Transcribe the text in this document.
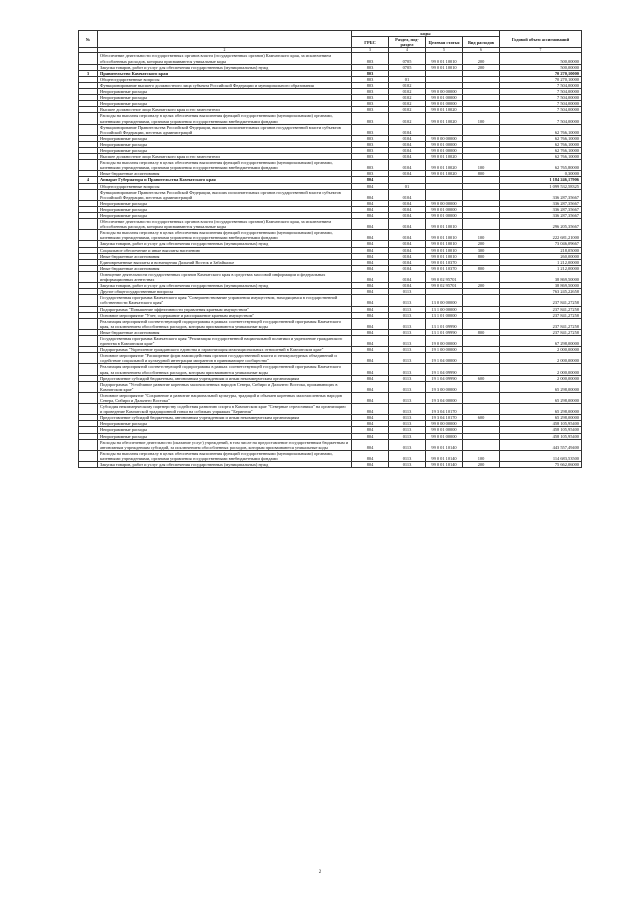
№		коды				Годовой объем ассигнований
		ГРБС	Раздел, под-раздел	Целевая статья	Вид расходов	
	2	3	4	5	6	7
	Обеспечение деятельности государственных органов власти (государственных органов) Камчатского края, за исключением обособленных расходов, которым присваиваются уникальные коды	803	0705	99 0 01 10010	200	500,00000
	Закупка товаров, работ и услуг для обеспечения государственных (муниципальных) нужд	803	0705	99 0 01 10010	200	500,00000
3	Правительство Камчатского края	803				70 270,10000
	Общегосударственные вопросы	803	01			70 270,10000
	Функционирование высшего должностного лица субъекта Российской Федерации и муниципального образования	803	0102			7 504,00000
	Непрограммные расходы	803	0102	99 0 00 00000		7 504,00000
	Непрограммные расходы	803	0102	99 0 01 00000		7 504,00000
	Непрограммные расходы	803	0102	99 0 01 00000		7 504,00000
	Высшее должностное лицо Камчатского края и его заместители	803	0102	99 0 01 10020		7 504,00000
	Расходы на выплаты персоналу в целях обеспечения выполнения функций государственными (муниципальными) органами, казенными учреждениями, органами управления государственными внебюджетными фондами	803	0102	99 0 01 10020	100	7 504,00000
	Функционирование Правительства Российской Федерации, высших исполнительных органов государственной власти субъектов Российской Федерации, местных администраций	803	0104			62 766,10000
	Непрограммные расходы	803	0104	99 0 00 00000		62 766,10000
	Непрограммные расходы	803	0104	99 0 01 00000		62 766,10000
	Непрограммные расходы	803	0104	99 0 01 00000		62 766,10000
	Высшее должностное лицо Камчатского края и его заместители	803	0104	99 0 01 10020		62 766,10000
	Расходы на выплаты персоналу в целях обеспечения выполнения функций государственными (муниципальными) органами, казенными учреждениями, органами управления государственными внебюджетными фондами	803	0104	99 0 01 10020	100	62 765,80000
	Иные бюджетные ассигнования	803	0104	99 0 01 10020	800	0,30000
4	Аппарат Губернатора и Правительства Камчатского края	804				1 184 246,17906
	Общегосударственные вопросы	804	01			1 099 532,58325
	Функционирование Правительства Российской Федерации, высших исполнительных органов государственной власти субъектов Российской Федерации, местных администраций	804	0104			336 287,35667
	Непрограммные расходы	804	0104	99 0 00 00000		336 287,35667
	Непрограммные расходы	804	0104	99 0 01 00000		336 287,35667
	Непрограммные расходы	804	0104	99 0 01 00000		336 287,35667
	Обеспечение деятельности государственных органов власти (государственных органов) Камчатского края, за исключением обособленных расходов, которым присваиваются уникальные коды	804	0104	99 0 01 10010		296 205,35667
	Расходы на выплаты персоналу в целях обеспечения выполнения функций государственными (муниципальными) органами, казенными учреждениями, органами управления государственными внебюджетными фондами	804	0104	99 0 01 10010	100	222 681,21000
	Закупка товаров, работ и услуг для обеспечения государственных (муниципальных) нужд	804	0104	99 0 01 10010	200	73 046,09667
	Социальное обеспечение и иные выплаты населению	804	0104	99 0 01 10010	300	218,05000
	Иные бюджетные ассигнования	804	0104	99 0 01 10010	800	260,00000
	Единовременные выплаты и возмещения Дальний Восток и Забайкалье	804	0104	99 0 01 10370		1 212,00000
	Иные бюджетные ассигнования	804	0104	99 0 01 10370	800	1 212,00000
	Освещение деятельности государственных органов Камчатского края в средствах массовой информации и федеральных информационных агентствах	804	0104	99 0 02 95701		38 869,50000
	Закупка товаров, работ и услуг для обеспечения государственных (муниципальных) нужд	804	0104	99 0 02 95701	200	38 869,50000
	Другие общегосударственные вопросы	804	0113			763 245,22658
	Государственная программа Камчатского края "Совершенствование управления имуществом, находящимся в государственной собственности Камчатского края"	804	0113	13 0 00 00000		237 841,27258
	Подпрограмма "Повышение эффективности управления краевым имуществом"	804	0113	13 1 00 00000		237 841,27258
	Основное мероприятие "Учет, содержание и распоряжение краевым имуществом"	804	0113	13 1 01 00000		237 841,27258
	Реализация мероприятий соответствующей подпрограммы в рамках соответствующей государственной программы Камчатского края, за исключением обособленных расходов, которым присваиваются уникальные коды	804	0113	13 1 01 09990		237 841,27258
	Иные бюджетные ассигнования	804	0113	13 1 01 09990	800	237 841,27258
	Государственная программа Камчатского края "Реализация государственной национальной политики и укрепление гражданского единства в Камчатском крае"	804	0113	19 0 00 00000		67 298,00000
	Подпрограмма "Укрепление гражданского единства и гармонизация межнациональных отношений в Камчатском крае"	804	0113	19 1 00 00000		2 000,00000
	Основное мероприятие "Расширение форм взаимодействия органов государственной власти и этнокультурных объединений и содействие социальной и культурной интеграции мигрантов в принимающее сообщество"	804	0113	19 1 04 00000		2 000,00000
	Реализация мероприятий соответствующей подпрограммы в рамках соответствующей государственной программы Камчатского края, за исключением обособленных расходов, которым присваиваются уникальные коды	804	0113	19 1 04 09990		2 000,00000
	Предоставление субсидий бюджетным, автономным учреждениям и иным некоммерческим организациям	804	0113	19 1 04 09990	600	2 000,00000
	Подпрограмма "Устойчивое развитие коренных малочисленных народов Севера, Сибири и Дальнего Востока, проживающих в Камчатском крае"	804	0113	19 3 00 00000		65 298,00000
	Основное мероприятие "Сохранение и развитие национальной культуры, традиций и обычаев коренных малочисленных народов Севера, Сибири и Дальнего Востока"	804	0113	19 3 04 00000		65 298,00000
	Субсидия некоммерческому партнерству содействия развитию спорта в Камчатском крае "Северные стрелочники" на организацию и проведение Камчатской традиционной гонки на собачьих упряжках "Берингия"	804	0113	19 3 04 10170		65 298,00000
	Предоставление субсидий бюджетным, автономным учреждениям и иным некоммерческим организациям	804	0113	19 3 04 10170	600	65 298,00000
	Непрограммные расходы	804	0113	99 0 00 00000		458 105,95400
	Непрограммные расходы	804	0113	99 0 01 00000		458 105,95400
	Непрограммные расходы	804	0113	99 0 01 00000		458 105,95400
	Расходы на обеспечение деятельности (оказание услуг) учреждений, в том числе на предоставление государственным бюджетным и автономным учреждениям субсидий, за исключением обособленных расходов, которым присваиваются уникальные коды	804	0113	99 0 01 10140		443 557,49400
	Расходы на выплаты персоналу в целях обеспечения выполнения функций государственными (муниципальными) органами, казенными учреждениями, органами управления государственными внебюджетными фондами	804	0113	99 0 01 10140	100	114 683,53500
	Закупка товаров, работ и услуг для обеспечения государственных (муниципальных) нужд	804	0113	99 0 01 10140	200	75 662,06000
2
